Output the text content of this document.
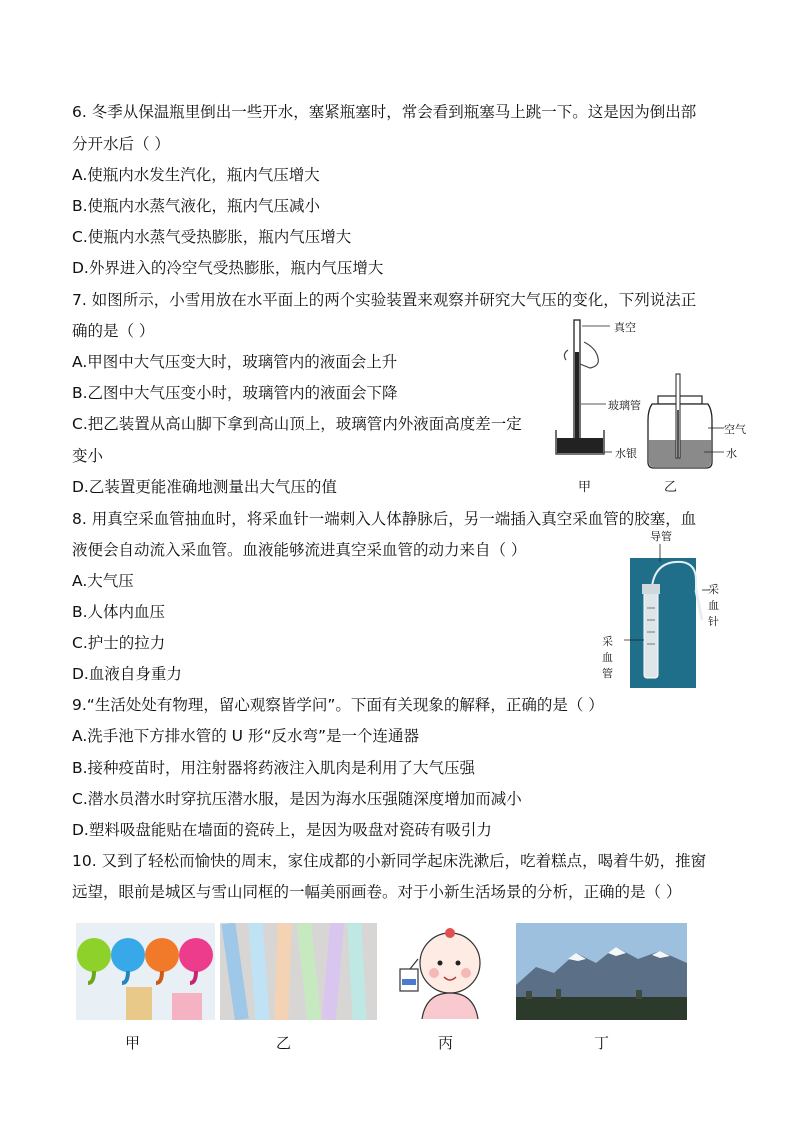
6. 冬季从保温瓶里倒出一些开水，塞紧瓶塞时，常会看到瓶塞马上跳一下。这是因为倒出部
分开水后（ ）
A.使瓶内水发生汽化，瓶内气压增大
B.使瓶内水蒸气液化，瓶内气压减小
C.使瓶内水蒸气受热膨胀，瓶内气压增大
D.外界进入的冷空气受热膨胀，瓶内气压增大
7. 如图所示，小雪用放在水平面上的两个实验装置来观察并研究大气压的变化，下列说法正
确的是（ ）
A.甲图中大气压变大时，玻璃管内的液面会上升
B.乙图中大气压变小时，玻璃管内的液面会下降
C.把乙装置从高山脚下拿到高山顶上，玻璃管内外液面高度差一定
变小
D.乙装置更能准确地测量出大气压的值
真空
玻璃管
空气
水银	水
甲	乙
8. 用真空采血管抽血时，将采血针一端刺入人体静脉后，另一端插入真空采血管的胶塞，血
液便会自动流入采血管。血液能够流进真空采血管的动力来自（ ）
A.大气压
B.人体内血压
C.护士的拉力
D.血液自身重力
导管
采
血
针
采
血
管
9.“生活处处有物理，留心观察皆学问”。下面有关现象的解释，正确的是（ ）
A.洗手池下方排水管的 U 形“反水弯”是一个连通器
B.接种疫苗时，用注射器将药液注入肌肉是利用了大气压强
C.潜水员潜水时穿抗压潜水服，是因为海水压强随深度增加而减小
D.塑料吸盘能贴在墙面的瓷砖上，是因为吸盘对瓷砖有吸引力
10. 又到了轻松而愉快的周末，家住成都的小新同学起床洗漱后，吃着糕点，喝着牛奶，推窗
远望，眼前是城区与雪山同框的一幅美丽画卷。对于小新生活场景的分析，正确的是（ ）
甲	乙	丙	丁
